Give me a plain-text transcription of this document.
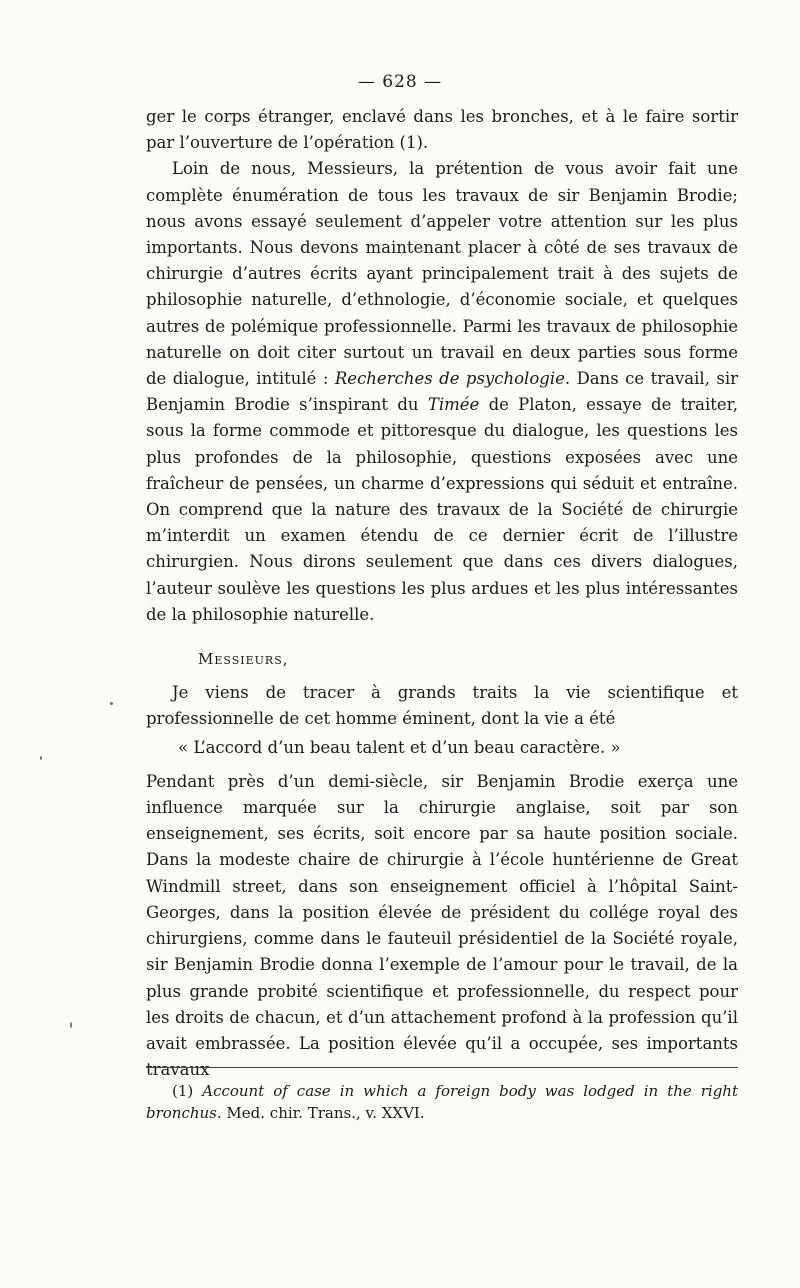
— 628 —

ger le corps étranger, enclavé dans les bronches, et à le faire sortir par l’ouverture de l’opération (1).

Loin de nous, Messieurs, la prétention de vous avoir fait une complète énumération de tous les travaux de sir Benjamin Brodie; nous avons essayé seulement d’appeler votre attention sur les plus importants. Nous devons maintenant placer à côté de ses travaux de chirurgie d’autres écrits ayant principalement trait à des sujets de philosophie naturelle, d’ethnologie, d’économie sociale, et quelques autres de polémique professionnelle. Parmi les travaux de philosophie naturelle on doit citer surtout un travail en deux parties sous forme de dialogue, intitulé : Recherches de psychologie. Dans ce travail, sir Benjamin Brodie s’inspirant du Timée de Platon, essaye de traiter, sous la forme commode et pittoresque du dialogue, les questions les plus profondes de la philosophie, questions exposées avec une fraîcheur de pensées, un charme d’expressions qui séduit et entraîne. On comprend que la nature des travaux de la Société de chirurgie m’interdit un examen étendu de ce dernier écrit de l’illustre chirurgien. Nous dirons seulement que dans ces divers dialogues, l’auteur soulève les questions les plus ardues et les plus intéressantes de la philosophie naturelle.

Messieurs,

Je viens de tracer à grands traits la vie scientifique et professionnelle de cet homme éminent, dont la vie a été

« L’accord d’un beau talent et d’un beau caractère. »

Pendant près d’un demi-siècle, sir Benjamin Brodie exerça une influence marquée sur la chirurgie anglaise, soit par son enseignement, ses écrits, soit encore par sa haute position sociale. Dans la modeste chaire de chirurgie à l’école huntérienne de Great Windmill street, dans son enseignement officiel à l’hôpital Saint-Georges, dans la position élevée de président du collége royal des chirurgiens, comme dans le fauteuil présidentiel de la Société royale, sir Benjamin Brodie donna l’exemple de l’amour pour le travail, de la plus grande probité scientifique et professionnelle, du respect pour les droits de chacun, et d’un attachement profond à la profession qu’il avait embrassée. La position élevée qu’il a occupée, ses importants travaux

(1) Account of case in which a foreign body was lodged in the right bronchus. Med. chir. Trans., v. XXVI.
